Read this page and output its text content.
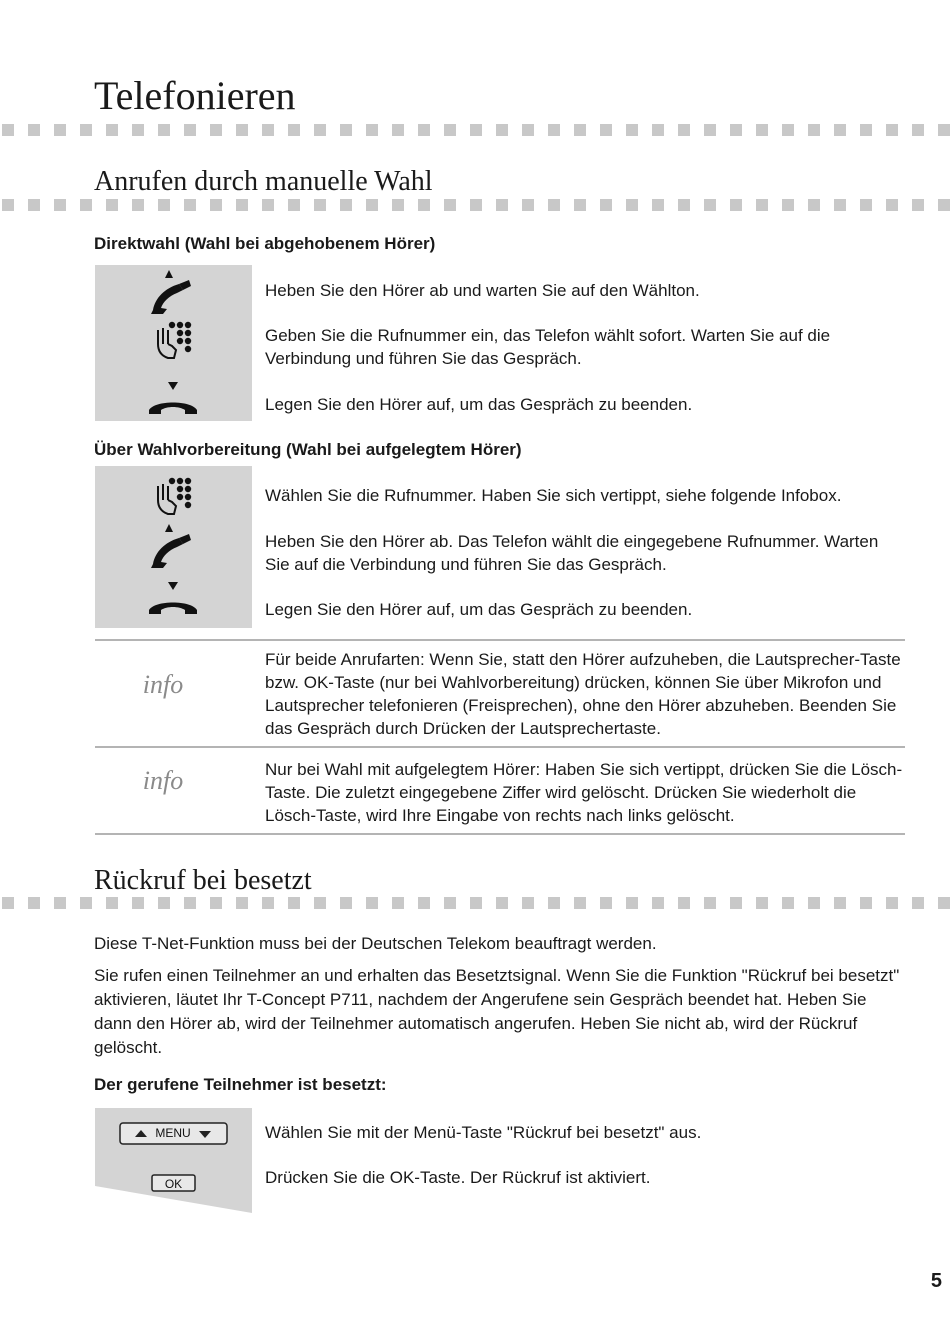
Telefonieren
Anrufen durch manuelle Wahl
Direktwahl (Wahl bei abgehobenem Hörer)
Heben Sie den Hörer ab und warten Sie auf den Wählton.
Geben Sie die Rufnummer ein, das Telefon wählt sofort. Warten Sie auf die Verbindung und führen Sie das Gespräch.
Legen Sie den Hörer auf, um das Gespräch zu beenden.
Über Wahlvorbereitung (Wahl bei aufgelegtem Hörer)
Wählen Sie die Rufnummer. Haben Sie sich vertippt, siehe folgende Infobox.
Heben Sie den Hörer ab. Das Telefon wählt die eingegebene Rufnummer. Warten Sie auf die Verbindung und führen Sie das Gespräch.
Legen Sie den Hörer auf, um das Gespräch zu beenden.
info
Für beide Anrufarten: Wenn Sie, statt den Hörer aufzuheben, die Lautsprecher-Taste bzw. OK-Taste (nur bei Wahlvorbereitung) drücken, können Sie über Mikrofon und Lautsprecher telefonieren (Freisprechen), ohne den Hörer abzuheben. Beenden Sie das Gespräch durch Drücken der Lautsprechertaste.
info	Nur bei Wahl mit aufgelegtem Hörer: Haben Sie sich vertippt, drücken Sie die Lösch-Taste. Die zuletzt eingegebene Ziffer wird gelöscht. Drücken Sie wiederholt die Lösch-Taste, wird Ihre Eingabe von rechts nach links gelöscht.
Rückruf bei besetzt
Diese T-Net-Funktion muss bei der Deutschen Telekom beauftragt werden.
Sie rufen einen Teilnehmer an und erhalten das Besetztsignal. Wenn Sie die Funktion "Rückruf bei besetzt" aktivieren, läutet Ihr T-Concept P711, nachdem der Angerufene sein Gespräch beendet hat. Heben Sie dann den Hörer ab, wird der Teilnehmer automatisch angerufen. Heben Sie nicht ab, wird der Rückruf gelöscht.
Der gerufene Teilnehmer ist besetzt:
MENU
OK
Wählen Sie mit der Menü-Taste "Rückruf bei besetzt" aus.
Drücken Sie die OK-Taste. Der Rückruf ist aktiviert.
5
